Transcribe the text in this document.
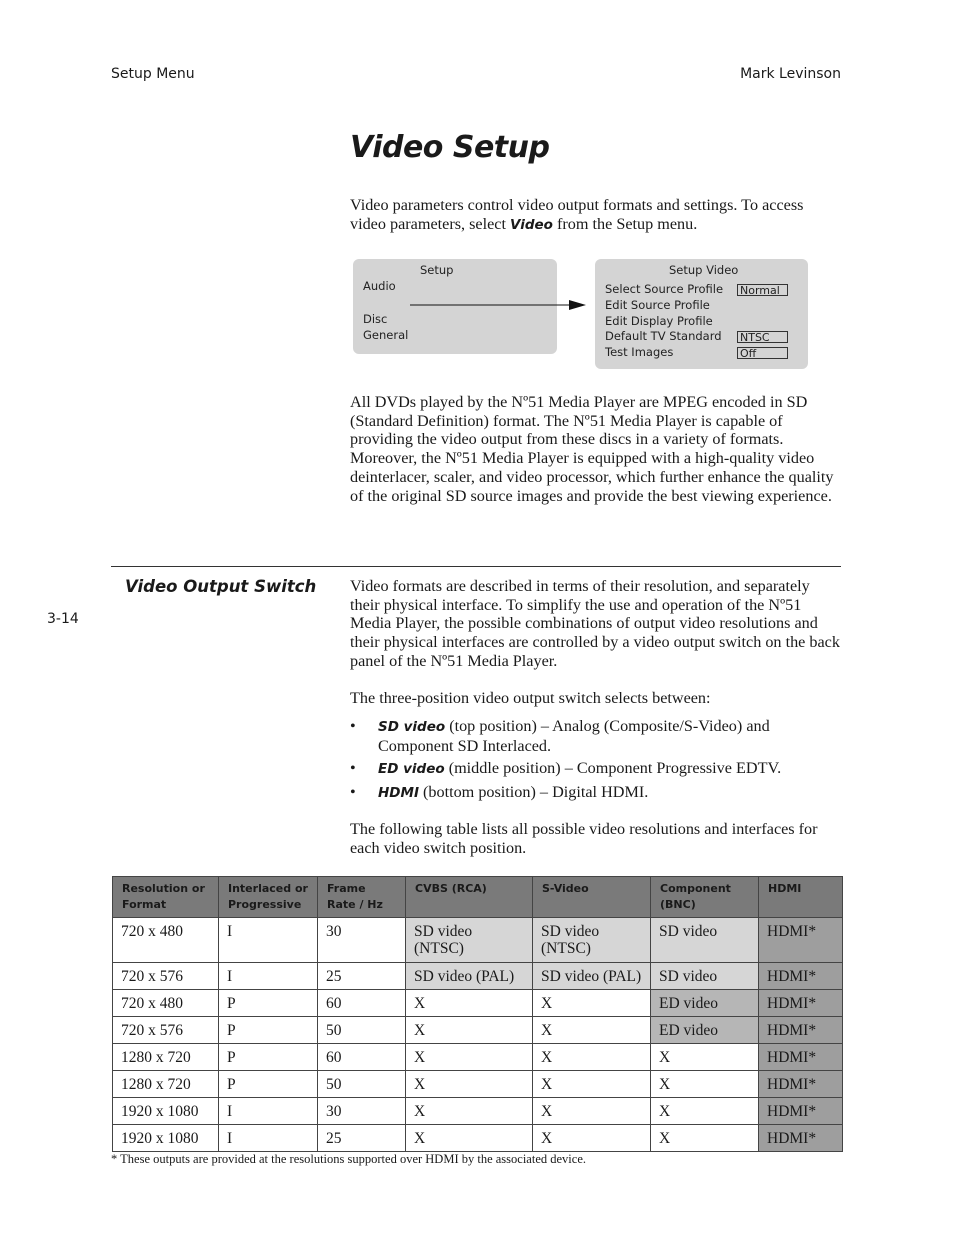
Setup Menu	Mark Levinson
Video Setup

Video parameters control video output formats and settings. To access video parameters, select Video from the Setup menu.

Setup
Audio
Disc
General
Setup Video
Select Source Profile Normal
Edit Source Profile
Edit Display Profile
Default TV Standard NTSC
Test Images	Off

All DVDs played by the Nº51 Media Player are MPEG encoded in SD (Standard Definition) format. The Nº51 Media Player is capable of providing the video output from these discs in a variety of formats. Moreover, the Nº51 Media Player is equipped with a high-quality video deinterlacer, scaler, and video processor, which further enhance the quality of the original SD source images and provide the best viewing experience.

Video Output Switch
3-14

Video formats are described in terms of their resolution, and separately their physical interface. To simplify the use and operation of the Nº51 Media Player, the possible combinations of output video resolutions and their physical interfaces are controlled by a video output switch on the back panel of the Nº51 Media Player.

The three-position video output switch selects between:

• SD video (top position) – Analog (Composite/S-Video) and Component SD Interlaced.
• ED video (middle position) – Component Progressive EDTV.
• HDMI (bottom position) – Digital HDMI.

The following table lists all possible video resolutions and interfaces for each video switch position.

Resolution or Format	Interlaced or Progressive	Frame Rate / Hz	CVBS (RCA)	S-Video	Component (BNC)	HDMI
720 x 480	I	30	SD video (NTSC)	SD video (NTSC)	SD video	HDMI*
720 x 576	I	25	SD video (PAL)	SD video (PAL)	SD video	HDMI*
720 x 480	P	60	X	X	ED video	HDMI*
720 x 576	P	50	X	X	ED video	HDMI*
1280 x 720	P	60	X	X	X	HDMI*
1280 x 720	P	50	X	X	X	HDMI*
1920 x 1080	I	30	X	X	X	HDMI*
1920 x 1080	I	25	X	X	X	HDMI*
* These outputs are provided at the resolutions supported over HDMI by the associated device.
